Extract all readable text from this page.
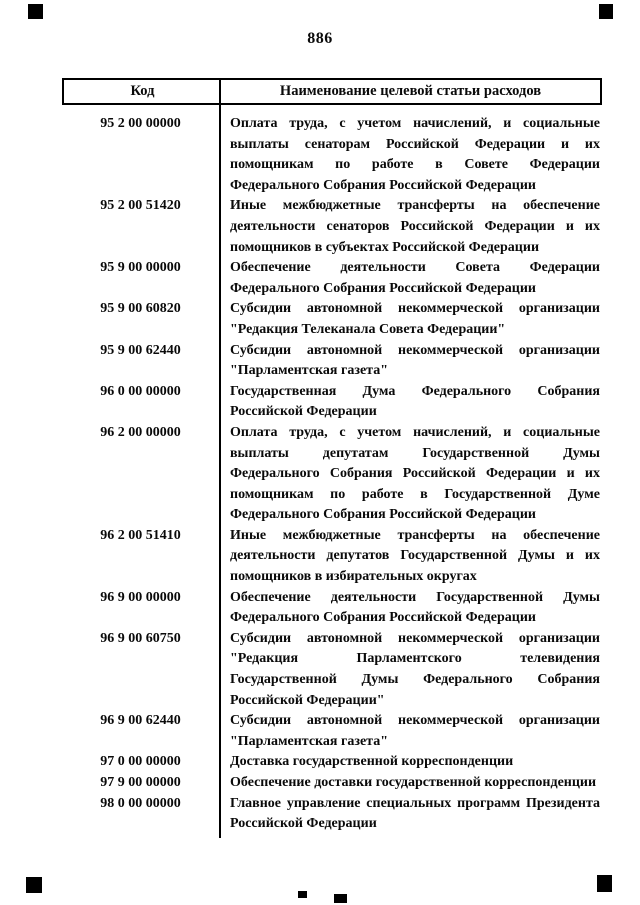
886
Код	Наименование целевой статьи расходов
95 2 00 00000	Оплата труда, с учетом начислений, и социальные выплаты сенаторам Российской Федерации и их помощникам по работе в Совете Федерации Федерального Собрания Российской Федерации
95 2 00 51420	Иные межбюджетные трансферты на обеспечение деятельности сенаторов Российской Федерации и их помощников в субъектах Российской Федерации
95 9 00 00000	Обеспечение деятельности Совета Федерации Федерального Собрания Российской Федерации
95 9 00 60820	Субсидии автономной некоммерческой организации "Редакция Телеканала Совета Федерации"
95 9 00 62440	Субсидии автономной некоммерческой организации "Парламентская газета"
96 0 00 00000	Государственная Дума Федерального Собрания Российской Федерации
96 2 00 00000	Оплата труда, с учетом начислений, и социальные выплаты депутатам Государственной Думы Федерального Собрания Российской Федерации и их помощникам по работе в Государственной Думе Федерального Собрания Российской Федерации
96 2 00 51410	Иные межбюджетные трансферты на обеспечение деятельности депутатов Государственной Думы и их помощников в избирательных округах
96 9 00 00000	Обеспечение деятельности Государственной Думы Федерального Собрания Российской Федерации
96 9 00 60750	Субсидии автономной некоммерческой организации "Редакция Парламентского телевидения Государственной Думы Федерального Собрания Российской Федерации"
96 9 00 62440	Субсидии автономной некоммерческой организации "Парламентская газета"
97 0 00 00000	Доставка государственной корреспонденции
97 9 00 00000	Обеспечение доставки государственной корреспонденции
98 0 00 00000	Главное управление специальных программ Президента Российской Федерации
